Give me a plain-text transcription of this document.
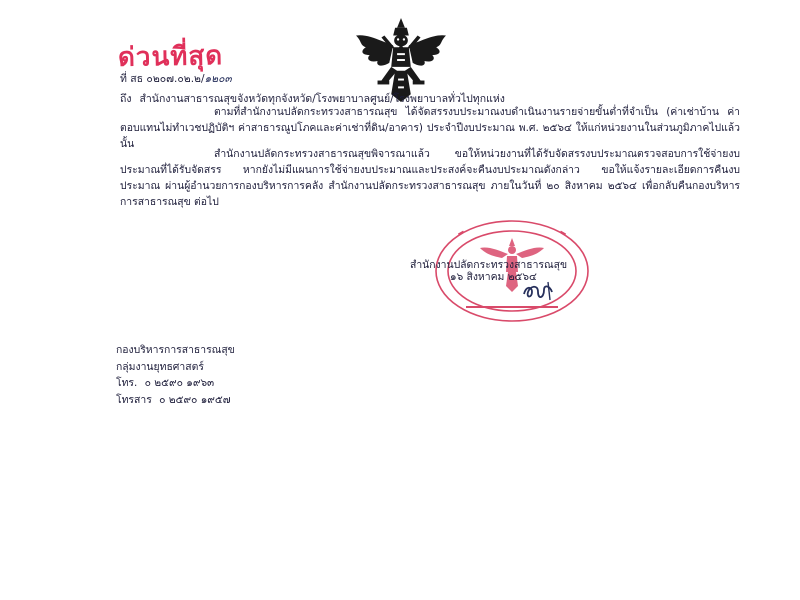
ด่วนที่สุด
ที่ สธ ๐๒๐๗.๐๒.๒/๑๒๐๓
ถึง สำนักงานสาธารณสุขจังหวัดทุกจังหวัด/โรงพยาบาลศูนย์/โรงพยาบาลทั่วไปทุกแห่ง

ตามที่สำนักงานปลัดกระทรวงสาธารณสุข ได้จัดสรรงบประมาณงบดำเนินงานรายจ่ายขั้นต่ำที่จำเป็น (ค่าเช่าบ้าน ค่าตอบแทนไม่ทำเวชปฏิบัติฯ ค่าสาธารณูปโภคและค่าเช่าที่ดิน/อาคาร) ประจำปีงบประมาณ พ.ศ. ๒๕๖๔ ให้แก่หน่วยงานในส่วนภูมิภาคไปแล้ว นั้น

สำนักงานปลัดกระทรวงสาธารณสุขพิจารณาแล้ว ขอให้หน่วยงานที่ได้รับจัดสรรงบประมาณตรวจสอบการใช้จ่ายงบประมาณที่ได้รับจัดสรร หากยังไม่มีแผนการใช้จ่ายงบประมาณและประสงค์จะคืนงบประมาณดังกล่าว ขอให้แจ้งรายละเอียดการคืนงบประมาณ ผ่านผู้อำนวยการกองบริหารการคลัง สำนักงานปลัดกระทรวงสาธารณสุข ภายในวันที่ ๒๐ สิงหาคม ๒๕๖๔ เพื่อกลับคืนกองบริหารการสาธารณสุข ต่อไป

สำนักงานปลัดกระทรวงสาธารณสุข
๑๖ สิงหาคม ๒๕๖๔
กองบริหารการสาธารณสุข
กลุ่มงานยุทธศาสตร์
โทร. ๐ ๒๕๙๐ ๑๙๖๓
โทรสาร ๐ ๒๕๙๐ ๑๙๕๗
